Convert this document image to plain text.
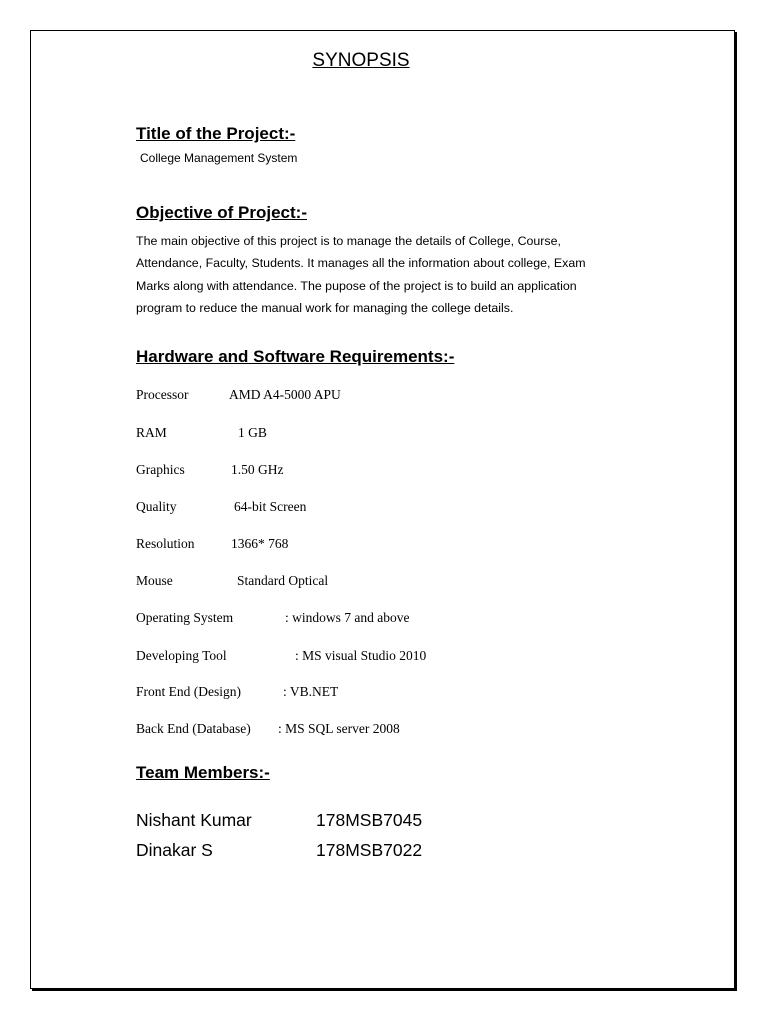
SYNOPSIS
Title of the Project:-
College Management System
Objective of Project:-
The main objective of this project is to manage the details of College, Course,
Attendance, Faculty, Students. It manages all the information about college, Exam
Marks along with attendance. The pupose of the project is to build an application
program to reduce the manual work for managing the college details.
Hardware and Software Requirements:-
Processor	AMD A4-5000 APU
RAM	1 GB
Graphics	1.50 GHz
Quality	64-bit Screen
Resolution	1366* 768
Mouse	Standard Optical
Operating System	: windows 7 and above
Developing Tool	: MS visual Studio 2010
Front End (Design)	: VB.NET
Back End (Database) : MS SQL server 2008
Team Members:-
Nishant Kumar	178MSB7045
Dinakar S	178MSB7022
